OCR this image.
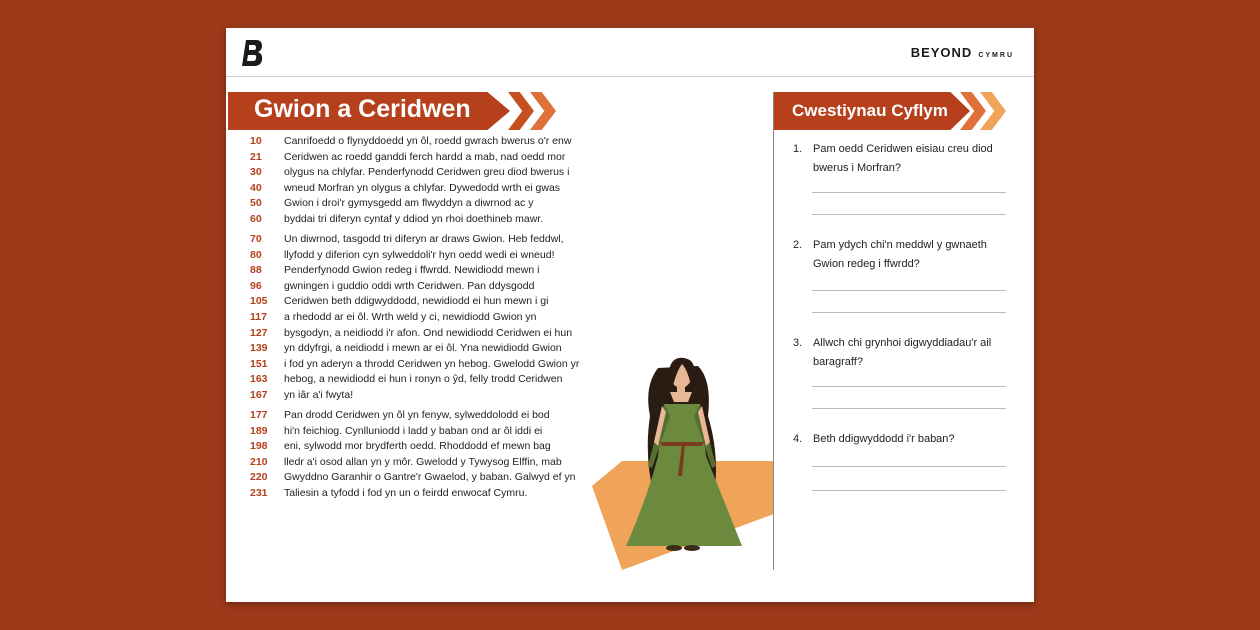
BEYOND CYMRU
Gwion a Ceridwen
10	Canrifoedd o flynyddoedd yn ôl, roedd gwrach bwerus o'r enw
21	Ceridwen ac roedd ganddi ferch hardd a mab, nad oedd mor
30	olygus na chlyfar. Penderfynodd Ceridwen greu diod bwerus i
40	wneud Morfran yn olygus a chlyfar. Dywedodd wrth ei gwas
50	Gwion i droi'r gymysgedd am flwyddyn a diwrnod ac y
60	byddai tri diferyn cyntaf y ddiod yn rhoi doethineb mawr.
70	Un diwrnod, tasgodd tri diferyn ar draws Gwion. Heb feddwl,
80	llyfodd y diferion cyn sylweddoli'r hyn oedd wedi ei wneud!
88	Penderfynodd Gwion redeg i ffwrdd. Newidiodd mewn i
96	gwningen i guddio oddi wrth Ceridwen. Pan ddysgodd
105	Ceridwen beth ddigwyddodd, newidiodd ei hun mewn i gi
117	a rhedodd ar ei ôl. Wrth weld y ci, newidiodd Gwion yn
127	bysgodyn, a neidiodd i'r afon. Ond newidiodd Ceridwen ei hun
139	yn ddyfrgi, a neidiodd i mewn ar ei ôl. Yna newidiodd Gwion
151	i fod yn aderyn a throdd Ceridwen yn hebog. Gwelodd Gwion yr
163	hebog, a newidiodd ei hun i ronyn o ŷd, felly trodd Ceridwen
167	yn iâr a'i fwyta!
177	Pan drodd Ceridwen yn ôl yn fenyw, sylweddolodd ei bod
189	hi'n feichiog. Cynlluniodd i ladd y baban ond ar ôl iddi ei
198	eni, sylwodd mor brydferth oedd. Rhoddodd ef mewn bag
210	lledr a'i osod allan yn y môr. Gwelodd y Tywysog Elffin, mab
220	Gwyddno Garanhir o Gantre'r Gwaelod, y baban. Galwyd ef yn
231	Taliesin a tyfodd i fod yn un o feirdd enwocaf Cymru.
Cwestiynau Cyflym
1. Pam oedd Ceridwen eisiau creu diod bwerus i Morfran?
2. Pam ydych chi'n meddwl y gwnaeth Gwion redeg i ffwrdd?
3. Allwch chi grynhoi digwyddiadau'r ail baragraff?
4. Beth ddigwyddodd i'r baban?
